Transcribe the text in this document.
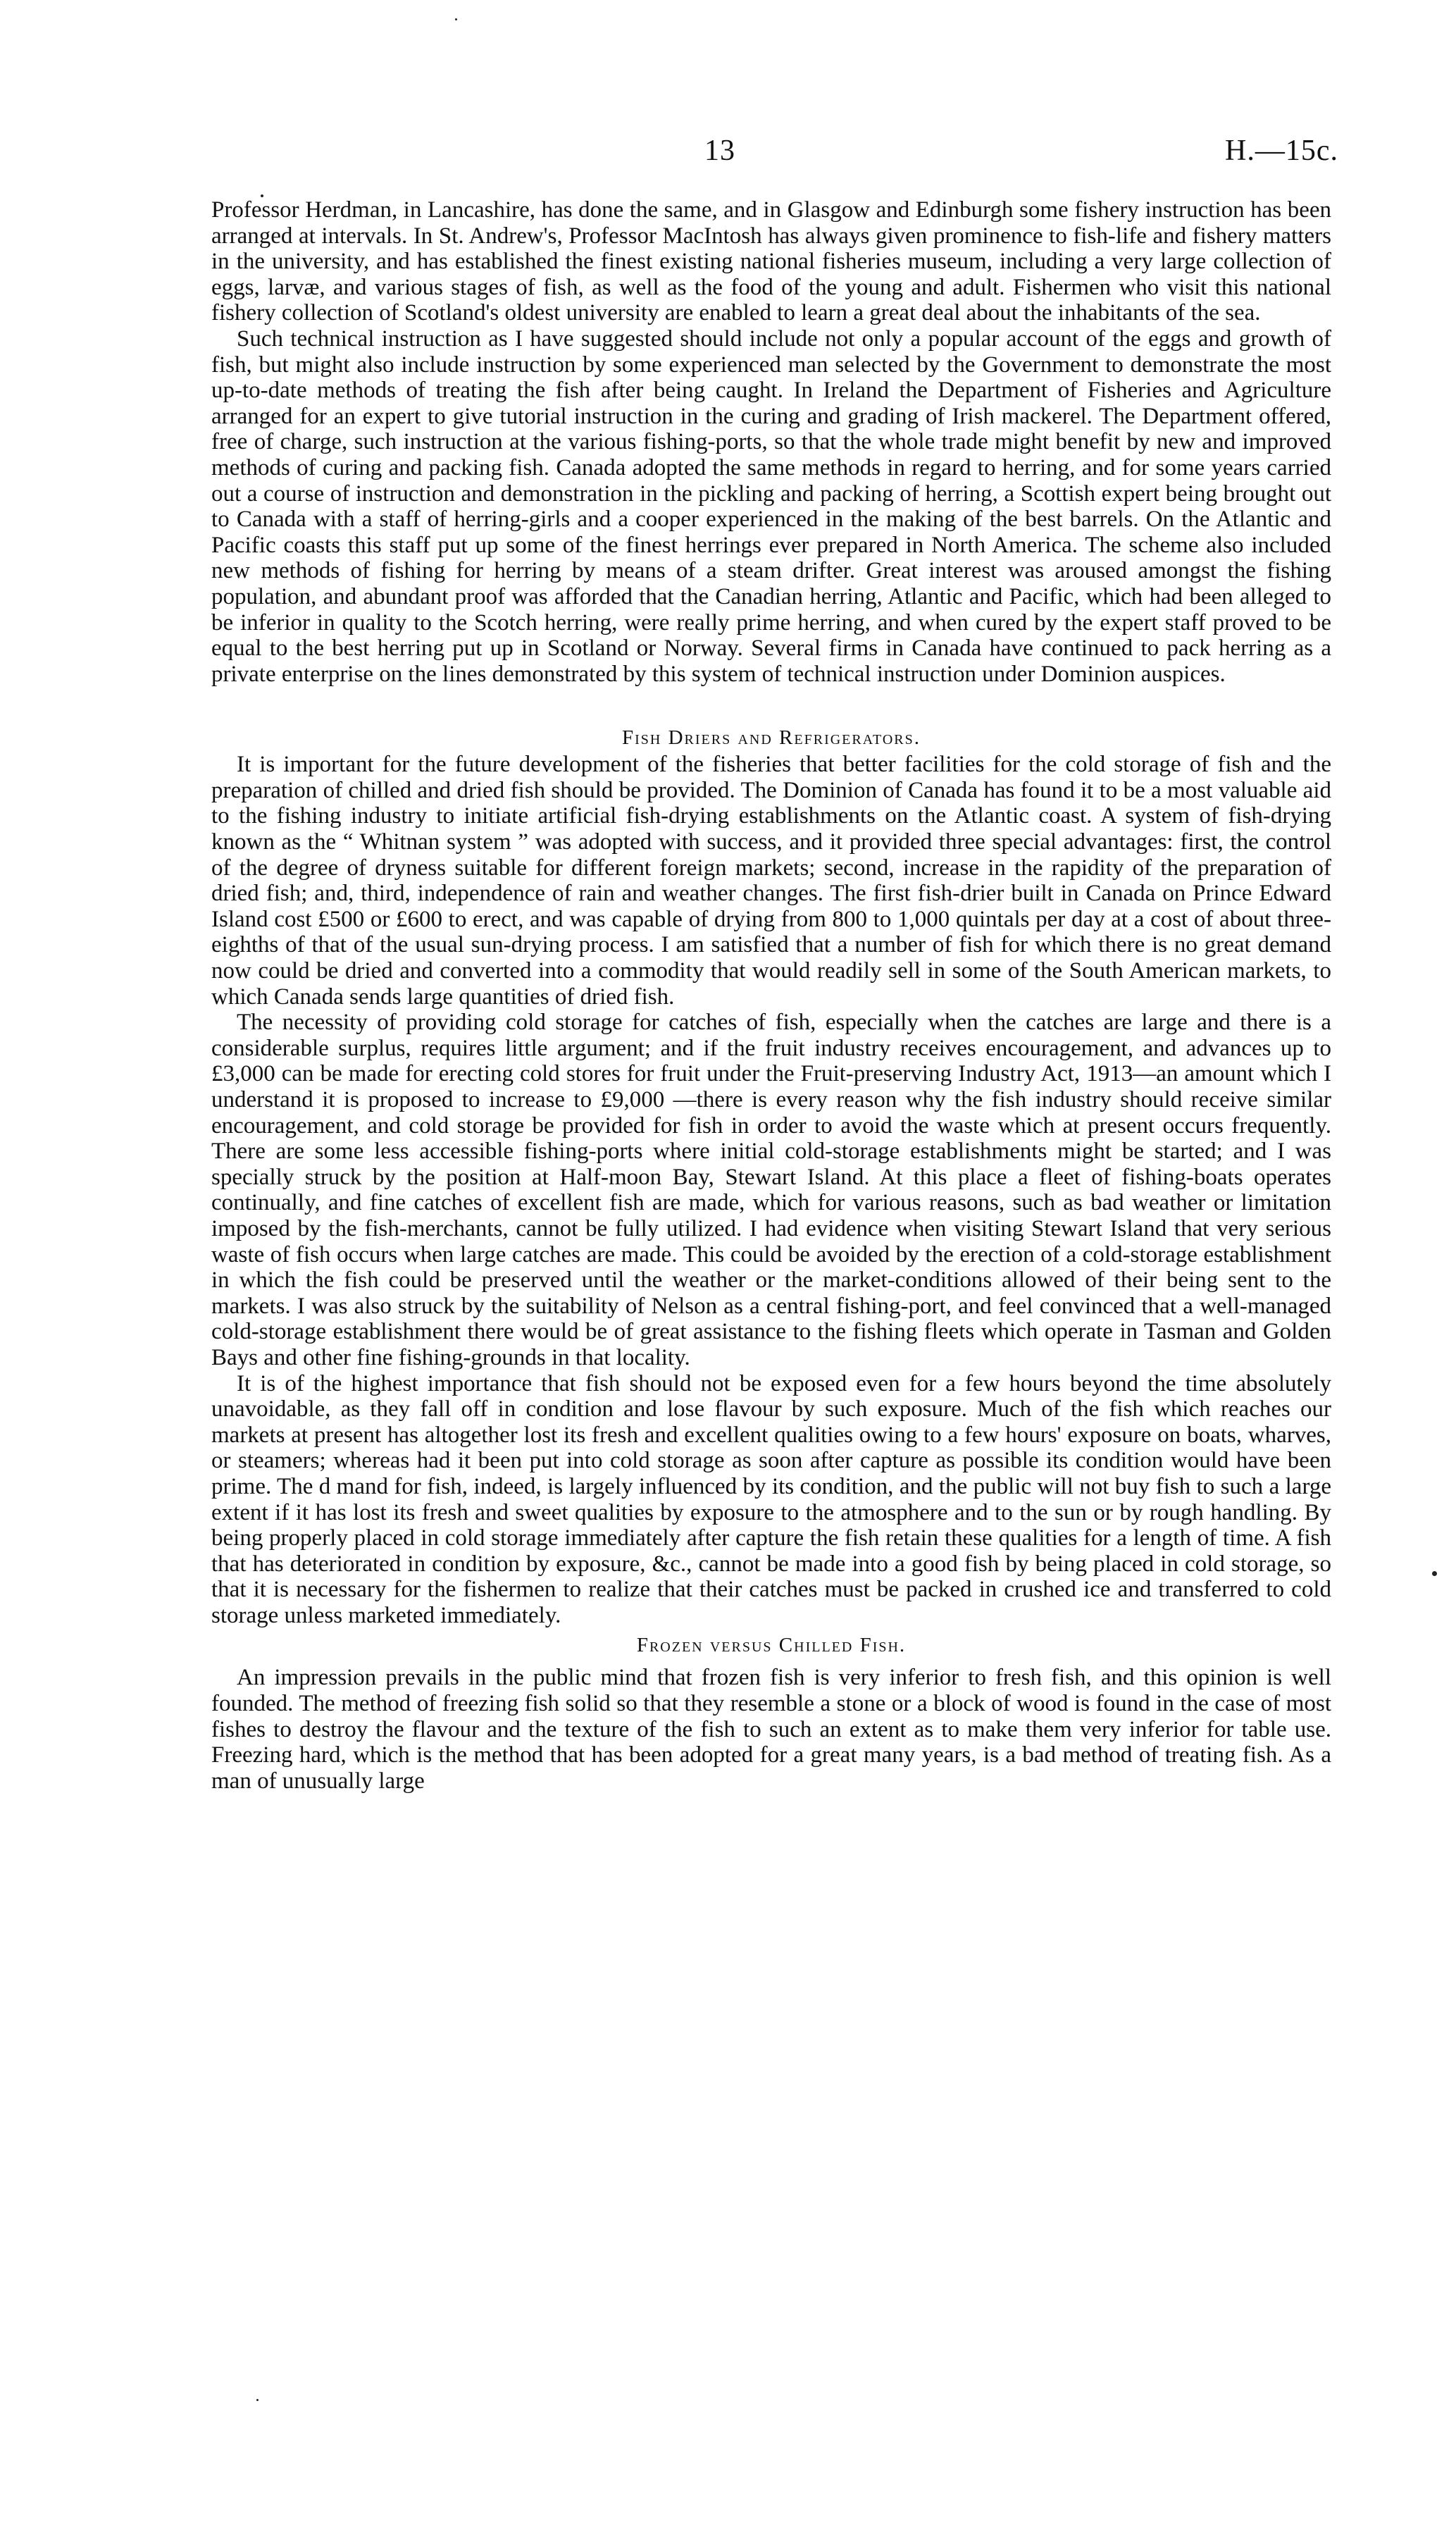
13	H.—15c.

Professor Herdman, in Lancashire, has done the same, and in Glasgow and Edinburgh some fishery instruction has been arranged at intervals. In St. Andrew's, Professor MacIntosh has always given prominence to fish-life and fishery matters in the university, and has established the finest existing national fisheries museum, including a very large collection of eggs, larvæ, and various stages of fish, as well as the food of the young and adult. Fishermen who visit this national fishery collection of Scotland's oldest university are enabled to learn a great deal about the inhabitants of the sea.

Such technical instruction as I have suggested should include not only a popular account of the eggs and growth of fish, but might also include instruction by some experienced man selected by the Government to demonstrate the most up-to-date methods of treating the fish after being caught. In Ireland the Department of Fisheries and Agriculture arranged for an expert to give tutorial instruction in the curing and grading of Irish mackerel. The Department offered, free of charge, such instruction at the various fishing-ports, so that the whole trade might benefit by new and improved methods of curing and packing fish. Canada adopted the same methods in regard to herring, and for some years carried out a course of instruction and demonstration in the pickling and packing of herring, a Scottish expert being brought out to Canada with a staff of herring-girls and a cooper experienced in the making of the best barrels. On the Atlantic and Pacific coasts this staff put up some of the finest herrings ever prepared in North America. The scheme also included new methods of fishing for herring by means of a steam drifter. Great interest was aroused amongst the fishing population, and abundant proof was afforded that the Canadian herring, Atlantic and Pacific, which had been alleged to be inferior in quality to the Scotch herring, were really prime herring, and when cured by the expert staff proved to be equal to the best herring put up in Scotland or Norway. Several firms in Canada have continued to pack herring as a private enterprise on the lines demonstrated by this system of technical instruction under Dominion auspices.

Fish Driers and Refrigerators.

It is important for the future development of the fisheries that better facilities for the cold storage of fish and the preparation of chilled and dried fish should be provided. The Dominion of Canada has found it to be a most valuable aid to the fishing industry to initiate artificial fish-drying establishments on the Atlantic coast. A system of fish-drying known as the “ Whitnan system ” was adopted with success, and it provided three special advantages: first, the control of the degree of dryness suitable for different foreign markets; second, increase in the rapidity of the preparation of dried fish; and, third, independence of rain and weather changes. The first fish-drier built in Canada on Prince Edward Island cost £500 or £600 to erect, and was capable of drying from 800 to 1,000 quintals per day at a cost of about three-eighths of that of the usual sun-drying process. I am satisfied that a number of fish for which there is no great demand now could be dried and converted into a commodity that would readily sell in some of the South American markets, to which Canada sends large quantities of dried fish.

The necessity of providing cold storage for catches of fish, especially when the catches are large and there is a considerable surplus, requires little argument; and if the fruit industry receives encouragement, and advances up to £3,000 can be made for erecting cold stores for fruit under the Fruit-preserving Industry Act, 1913—an amount which I understand it is proposed to increase to £9,000 —there is every reason why the fish industry should receive similar encouragement, and cold storage be provided for fish in order to avoid the waste which at present occurs frequently. There are some less accessible fishing-ports where initial cold-storage establishments might be started; and I was specially struck by the position at Half-moon Bay, Stewart Island. At this place a fleet of fishing-boats operates continually, and fine catches of excellent fish are made, which for various reasons, such as bad weather or limitation imposed by the fish-merchants, cannot be fully utilized. I had evidence when visiting Stewart Island that very serious waste of fish occurs when large catches are made. This could be avoided by the erection of a cold-storage establishment in which the fish could be preserved until the weather or the market-conditions allowed of their being sent to the markets. I was also struck by the suitability of Nelson as a central fishing-port, and feel convinced that a well-managed cold-storage establishment there would be of great assistance to the fishing fleets which operate in Tasman and Golden Bays and other fine fishing-grounds in that locality.

It is of the highest importance that fish should not be exposed even for a few hours beyond the time absolutely unavoidable, as they fall off in condition and lose flavour by such exposure. Much of the fish which reaches our markets at present has altogether lost its fresh and excellent qualities owing to a few hours' exposure on boats, wharves, or steamers; whereas had it been put into cold storage as soon after capture as possible its condition would have been prime. The d mand for fish, indeed, is largely influenced by its condition, and the public will not buy fish to such a large extent if it has lost its fresh and sweet qualities by exposure to the atmosphere and to the sun or by rough handling. By being properly placed in cold storage immediately after capture the fish retain these qualities for a length of time. A fish that has deteriorated in condition by exposure, &c., cannot be made into a good fish by being placed in cold storage, so that it is necessary for the fishermen to realize that their catches must be packed in crushed ice and transferred to cold storage unless marketed immediately.

Frozen versus Chilled Fish.

An impression prevails in the public mind that frozen fish is very inferior to fresh fish, and this opinion is well founded. The method of freezing fish solid so that they resemble a stone or a block of wood is found in the case of most fishes to destroy the flavour and the texture of the fish to such an extent as to make them very inferior for table use. Freezing hard, which is the method that has been adopted for a great many years, is a bad method of treating fish. As a man of unusually large
